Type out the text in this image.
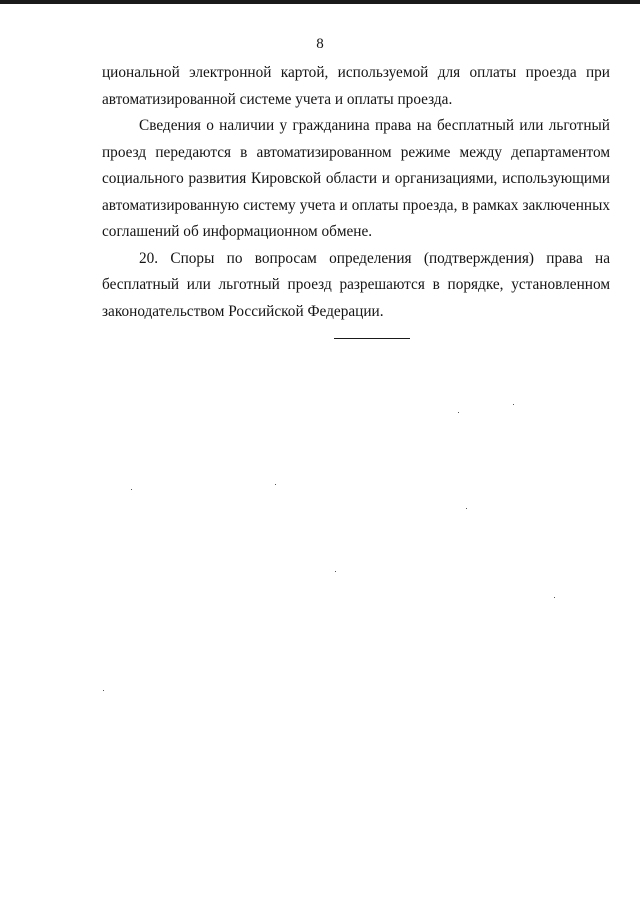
8

циональной электронной картой, используемой для оплаты проезда при автоматизированной системе учета и оплаты проезда.

Сведения о наличии у гражданина права на бесплатный или льготный проезд передаются в автоматизированном режиме между департаментом социального развития Кировской области и организациями, использующими автоматизированную систему учета и оплаты проезда, в рамках заключенных соглашений об информационном обмене.

20. Споры по вопросам определения (подтверждения) права на бесплатный или льготный проезд разрешаются в порядке, установленном законодательством Российской Федерации.
